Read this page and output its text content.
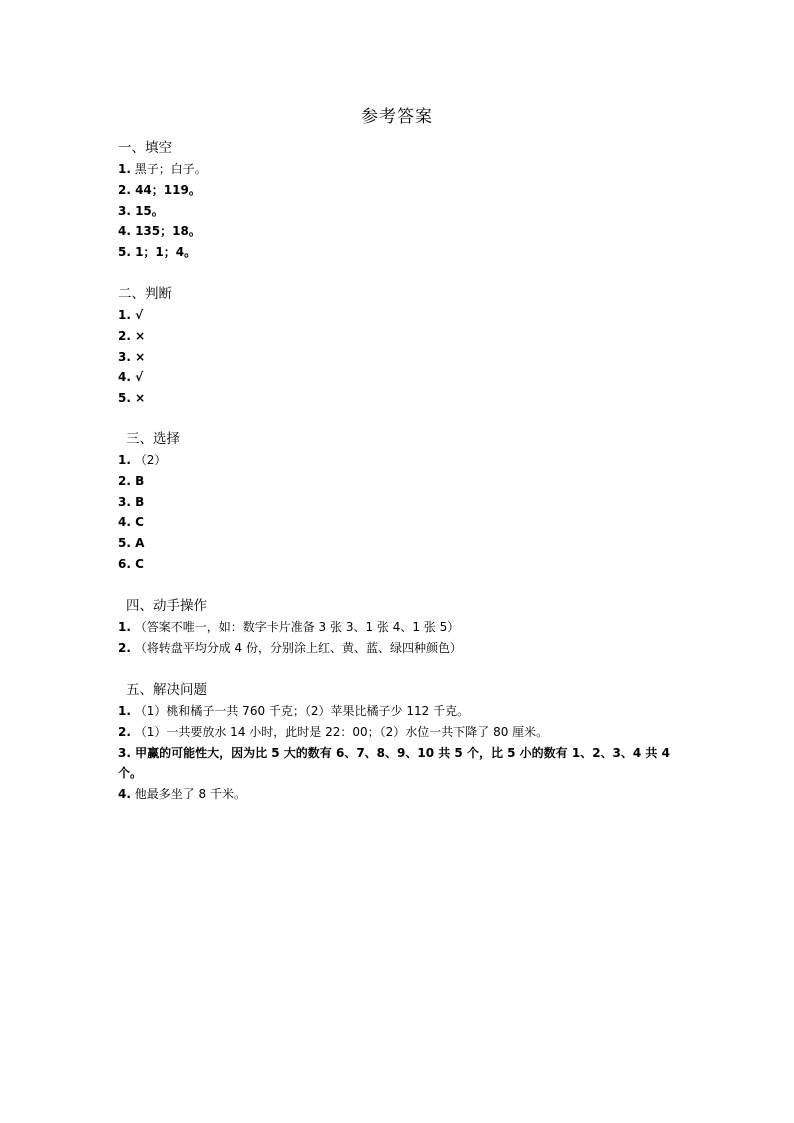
参考答案
一、填空
1. 黑子；白子。
2. 44；119。
3. 15。
4. 135；18。
5. 1；1；4。
二、判断
1. √
2. ×
3. ×
4. √
5. ×
三、选择
1. （2）
2. B
3. B
4. C
5. A
6. C
四、动手操作
1. （答案不唯一，如：数字卡片准备 3 张 3、1 张 4、1 张 5）
2. （将转盘平均分成 4 份，分别涂上红、黄、蓝、绿四种颜色）
五、解决问题
1. （1）桃和橘子一共 760 千克；（2）苹果比橘子少 112 千克。
2. （1）一共要放水 14 小时，此时是 22：00；（2）水位一共下降了 80 厘米。
3. 甲赢的可能性大，因为比 5 大的数有 6、7、8、9、10 共 5 个，比 5 小的数有 1、2、3、4 共 4 个。
4. 他最多坐了 8 千米。
